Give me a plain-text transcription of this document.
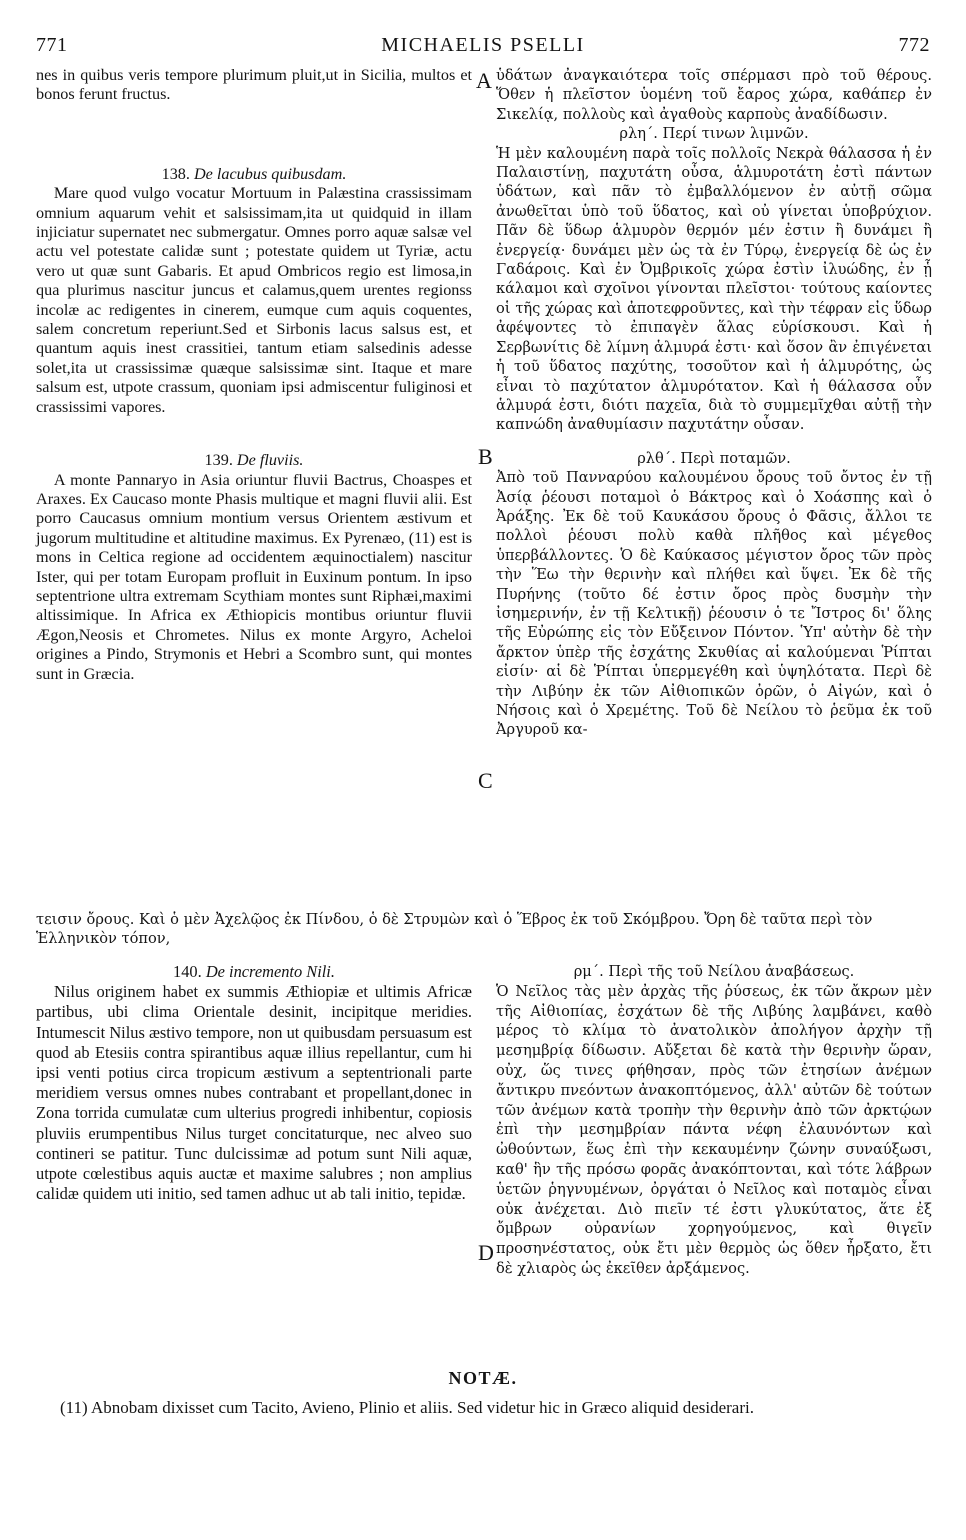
771	MICHAELIS PSELLI	772

nes in quibus veris tempore plurimum pluit,ut in Sicilia, multos et bonos ferunt fructus.

138. De lacubus quibusdam.

Mare quod vulgo vocatur Mortuum in Palæstina crassissimam omnium aquarum vehit et salsissimam,ita ut quidquid in illam injiciatur supernatet nec submergatur. Omnes porro aquæ salsæ vel actu vel potestate calidæ sunt ; potestate quidem ut Tyriæ, actu vero ut quæ sunt Gabaris. Et apud Ombricos regio est limosa,in qua plurimus nascitur juncus et calamus,quem urentes regionss incolæ ac redigentes in cinerem, eumque cum aquis coquentes, salem concretum reperiunt.Sed et Sirbonis lacus salsus est, et quantum aquis inest crassitiei, tantum etiam salsedinis adesse solet,ita ut crassissimæ quæque salsissimæ sint. Itaque et mare salsum est, utpote crassum, quoniam ipsi admiscentur fuliginosi et crassissimi vapores.

139. De fluviis.

A monte Pannaryo in Asia oriuntur fluvii Bactrus, Choaspes et Araxes. Ex Caucaso monte Phasis multique et magni fluvii alii. Est porro Caucasus omnium montium versus Orientem æstivum et jugorum multitudine et altitudine maximus. Ex Pyrenæo, (11) est is mons in Celtica regione ad occidentem æquinoctialem) nascitur Ister, qui per totam Europam profluit in Euxinum pontum. In ipso septentrione ultra extremam Scythiam montes sunt Riphæi,maximi altissimique. In Africa ex Æthiopicis montibus oriuntur fluvii Ægon,Neosis et Chrometes. Nilus ex monte Argyro, Acheloi origines a Pindo, Strymonis et Hebri a Scombro sunt, qui montes sunt in Græcia.

ὑδάτων ἀναγκαιότερα τοῖς σπέρμασι πρὸ τοῦ θέρους. Ὅθεν ἡ πλεῖστον ὑομένη τοῦ ἔαρος χώρα, καθάπερ ἐν Σικελίᾳ, πολλοὺς καὶ ἀγαθοὺς καρποὺς ἀναδίδωσιν.

ρλη΄. Περί τινων λιμνῶν.

Ἡ μὲν καλουμένη παρὰ τοῖς πολλοῖς Νεκρὰ θάλασσα ἡ ἐν Παλαιστίνῃ, παχυτάτη οὖσα, ἁλμυροτάτη ἐστὶ πάντων ὑδάτων, καὶ πᾶν τὸ ἐμβαλλόμενον ἐν αὐτῇ σῶμα ἀνωθεῖται ὑπὸ τοῦ ὕδατος, καὶ οὐ γίνεται ὑποβρύχιον. Πᾶν δὲ ὕδωρ ἁλμυρὸν θερμόν μέν ἐστιν ἢ δυνάμει ἢ ἐνεργείᾳ· δυνάμει μὲν ὡς τὰ ἐν Τύρῳ, ἐνεργείᾳ δὲ ὡς ἐν Γαδάροις. Καὶ ἐν Ὀμβρικοῖς χώρα ἐστὶν ἰλυώδης, ἐν ᾗ κάλαμοι καὶ σχοῖνοι γίνονται πλεῖστοι· τούτους καίοντες οἱ τῆς χώρας καὶ ἀποτεφροῦντες, καὶ τὴν τέφραν εἰς ὕδωρ ἀφέψοντες τὸ ἐπιπαγὲν ἅλας εὑρίσκουσι. Καὶ ἡ Σερβωνίτις δὲ λίμνη ἁλμυρά ἐστι· καὶ ὅσον ἂν ἐπιγένεται ἡ τοῦ ὕδατος παχύτης, τοσοῦτον καὶ ἡ ἁλμυρότης, ὡς εἶναι τὸ παχύτατον ἁλμυρότατον. Καὶ ἡ θάλασσα οὖν ἁλμυρά ἐστι, διότι παχεῖα, διὰ τὸ συμμεμῖχθαι αὐτῇ τὴν καπνώδη ἀναθυμίασιν παχυτάτην οὖσαν.

ρλθ΄. Περὶ ποταμῶν.

Ἀπὸ τοῦ Πανναρύου καλουμένου ὄρους τοῦ ὄντος ἐν τῇ Ἀσίᾳ ῥέουσι ποταμοὶ ὁ Βάκτρος καὶ ὁ Χοάσπης καὶ ὁ Ἀράξης. Ἐκ δὲ τοῦ Καυκάσου ὄρους ὁ Φᾶσις, ἄλλοι τε πολλοὶ ῥέουσι πολὺ καθὰ πλῆθος καὶ μέγεθος ὑπερβάλλοντες. Ὁ δὲ Καύκασος μέγιστον ὄρος τῶν πρὸς τὴν Ἕω τὴν θερινὴν καὶ πλήθει καὶ ὕψει. Ἐκ δὲ τῆς Πυρήνης (τοῦτο δέ ἐστιν ὄρος πρὸς δυσμὴν τὴν ἰσημερινήν, ἐν τῇ Κελτικῇ) ῥέουσιν ὁ τε Ἴστρος δι' ὅλης τῆς Εὐρώπης εἰς τὸν Εὔξεινον Πόντον. Ὑπ' αὐτὴν δὲ τὴν ἄρκτον ὑπὲρ τῆς ἐσχάτης Σκυθίας αἱ καλούμεναι Ῥίπται εἰσίν· αἱ δὲ Ῥίπται ὑπερμεγέθη καὶ ὑψηλότατα. Περὶ δὲ τὴν Λιβύην ἐκ τῶν Αἰθιοπικῶν ὀρῶν, ὁ Αἰγών, καὶ ὁ Νήσοις καὶ ὁ Χρεμέτης. Τοῦ δὲ Νείλου τὸ ῥεῦμα ἐκ τοῦ Ἀργυροῦ κα-

τεισιν ὄρους. Καὶ ὁ μὲν Ἀχελῷος ἐκ Πίνδου, ὁ δὲ Στρυμὼν καὶ ὁ Ἕβρος ἐκ τοῦ Σκόμβρου. Ὄρη δὲ ταῦτα περὶ τὸν Ἑλληνικὸν τόπον,

140. De incremento Nili.

Nilus originem habet ex summis Æthiopiæ et ultimis Africæ partibus, ubi clima Orientale desinit, incipitque meridies. Intumescit Nilus æstivo tempore, non ut quibusdam persuasum est quod ab Etesiis contra spirantibus aquæ illius repellantur, cum hi ipsi venti potius circa tropicum æstivum a septentrionali parte meridiem versus omnes nubes contrabant et propellant,donec in Zona torrida cumulatæ cum ulterius progredi inhibentur, copiosis pluviis erumpentibus Nilus turget concitaturque, nec alveo suo contineri se patitur. Tunc dulcissimæ ad potum sunt Nili aquæ, utpote cœlestibus aquis auctæ et maxime salubres ; non amplius calidæ quidem uti initio, sed tamen adhuc ut ab tali initio, tepidæ.

ρμ΄. Περὶ τῆς τοῦ Νείλου ἀναβάσεως.

Ὁ Νεῖλος τὰς μὲν ἀρχὰς τῆς ῥύσεως, ἐκ τῶν ἄκρων μὲν τῆς Αἰθιοπίας, ἐσχάτων δὲ τῆς Λιβύης λαμβάνει, καθὸ μέρος τὸ κλίμα τὸ ἀνατολικὸν ἀπολήγον ἀρχὴν τῇ μεσημβρίᾳ δίδωσιν. Αὔξεται δὲ κατὰ τὴν θερινὴν ὥραν, οὐχ, ὥς τινες φήθησαν, πρὸς τῶν ἐτησίων ἀνέμων ἄντικρυ πνεόντων ἀνακοπτόμενος, ἀλλ' αὐτῶν δὲ τούτων τῶν ἀνέμων κατὰ τροπὴν τὴν θερινὴν ἀπὸ τῶν ἀρκτῴων ἐπὶ τὴν μεσημβρίαν πάντα νέφη ἐλαυνόντων καὶ ὠθούντων, ἕως ἐπὶ τὴν κεκαυμένην ζώνην συναύξωσι, καθ' ἣν τῆς πρόσω φορᾶς ἀνακόπτονται, καὶ τότε λάβρων ὑετῶν ῥηγνυμένων, ὀργάται ὁ Νεῖλος καὶ ποταμὸς εἶναι οὐκ ἀνέχεται. Διὸ πιεῖν τέ ἐστι γλυκύτατος, ἅτε ἐξ ὄμβρων οὐρανίων χορηγούμενος, καὶ θιγεῖν προσηνέστατος, οὐκ ἔτι μὲν θερμὸς ὡς ὅθεν ἦρξατο, ἔτι δὲ χλιαρὸς ὡς ἐκεῖθεν ἀρξάμενος.

A
B
C
D
NOTÆ.
(11) Abnobam dixisset cum Tacito, Avieno, Plinio et aliis. Sed videtur hic in Græco aliquid desiderari.
